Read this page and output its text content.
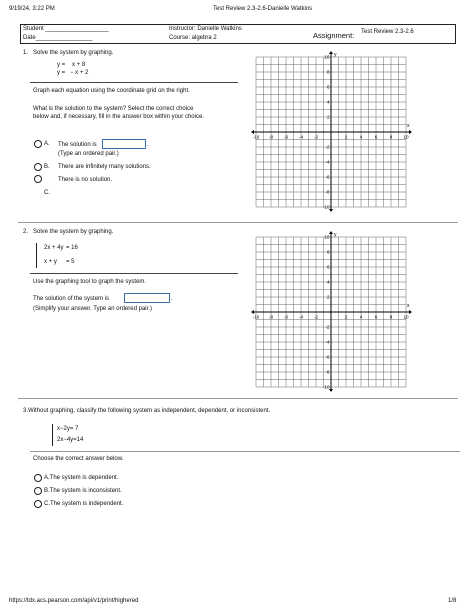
9/19/24, 3:22 PM	Test Review 2.3-2.6-Danielle Watkins
Student ___________________
Date_________________
Instructor: Danielle Watkins
Course: algebra 2	Assignment: Test Review 2.3-2.6
1. Solve the system by graphing.
y = x + 8
y = − x + 2
Graph each equation using the coordinate grid on the right.
What is the solution to the system? Select the correct choice
below and, if necessary, fill in the answer box within your choice.
A. The solution is	.
(Type an ordered pair.)
B. There are infinitely many solutions.
There is no solution.
C.
x
y
-10 -8 -6 -4 -2	2	4	6	8 10
10
8
6
4
2
-2
-4
-6
-8
-10
2. Solve the system by graphing.
2x + 4y = 16
x + y = 5
Use the graphing tool to graph the system.
The solution of the system is	.
(Simplify your answer. Type an ordered pair.)	x
y
-10 -8 -6 -4 -2	2	4	6	8 10
10
8
6
4
2
-2
-4
-6
-8
-10
3.Without graphing, classify the following system as independent, dependent, or inconsistent.
x−2y= 7
2x−4y=14
Choose the correct answer below.
A.The system is dependent.
B.The system is inconsistent.
C.The system is independent.
https://tdx.acs.pearson.com/api/v1/print/highered	1/8
